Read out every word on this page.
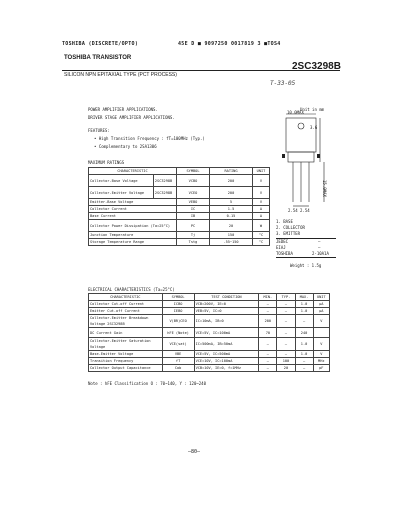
TOSHIBA (DISCRETE/OPTO)	45E D ■ 9097250 0017819 3 ■TOS4
TOSHIBA TRANSISTOR
SILICON NPN EPITAXIAL TYPE (PCT PROCESS)
2SC3298B
T-33-05
POWER AMPLIFIER APPLICATIONS.
DRIVER STAGE AMPLIFIER APPLICATIONS.
FEATURES:
• High Transition Frequency : fT=100MHz (Typ.)
• Complementary to 2SA1306
Unit in mm
MAXIMUM RATINGS
CHARACTERISTIC		SYMBOL	RATING	UNIT
Collector-Base Voltage	2SC3298B	VCBO	200	V
Collector-Emitter Voltage	2SC3298B	VCEO	200	V
Emitter-Base Voltage		VEBO	5	V
Collector Current		IC	1.5	A
Base Current		IB	0.15	A
Collector Power Dissipation (Ta=25°C)		PC	20	W
Junction Temperature		Tj	150	°C
Storage Temperature Range		Tstg	-55~150	°C
10.0MAX
3.6
15.0MAX
2.54 2.54
1. BASE
2. COLLECTOR
3. EMITTER
JEDEC	—
EIAJ	—
TOSHIBA	2-10A1A
Weight : 1.5g
ELECTRICAL CHARACTERISTICS (Ta=25°C)
CHARACTERISTIC	SYMBOL	TEST CONDITION	MIN.	TYP.	MAX.	UNIT
Collector Cut-off Current	ICBO	VCB=200V, IE=0	—	—	1.0	μA
Emitter Cut-off Current	IEBO	VEB=5V, IC=0	—	—	1.0	μA
Collector-Emitter Breakdown Voltage 2SC3298B	V(BR)CEO	IC=10mA, IB=0	200	—	—	V
DC Current Gain	hFE (Note)	VCE=5V, IC=100mA	70	—	240	
Collector-Emitter Saturation Voltage	VCE(sat)	IC=500mA, IB=50mA	—	—	1.0	V
Base-Emitter Voltage	VBE	VCE=5V, IC=500mA	—	—	1.0	V
Transition Frequency	fT	VCE=10V, IC=100mA	—	100	—	MHz
Collector Output Capacitance	Cob	VCB=10V, IE=0, f=1MHz	—	20	—	pF
Note : hFE Classification O : 70~140, Y : 120~240
—80—
